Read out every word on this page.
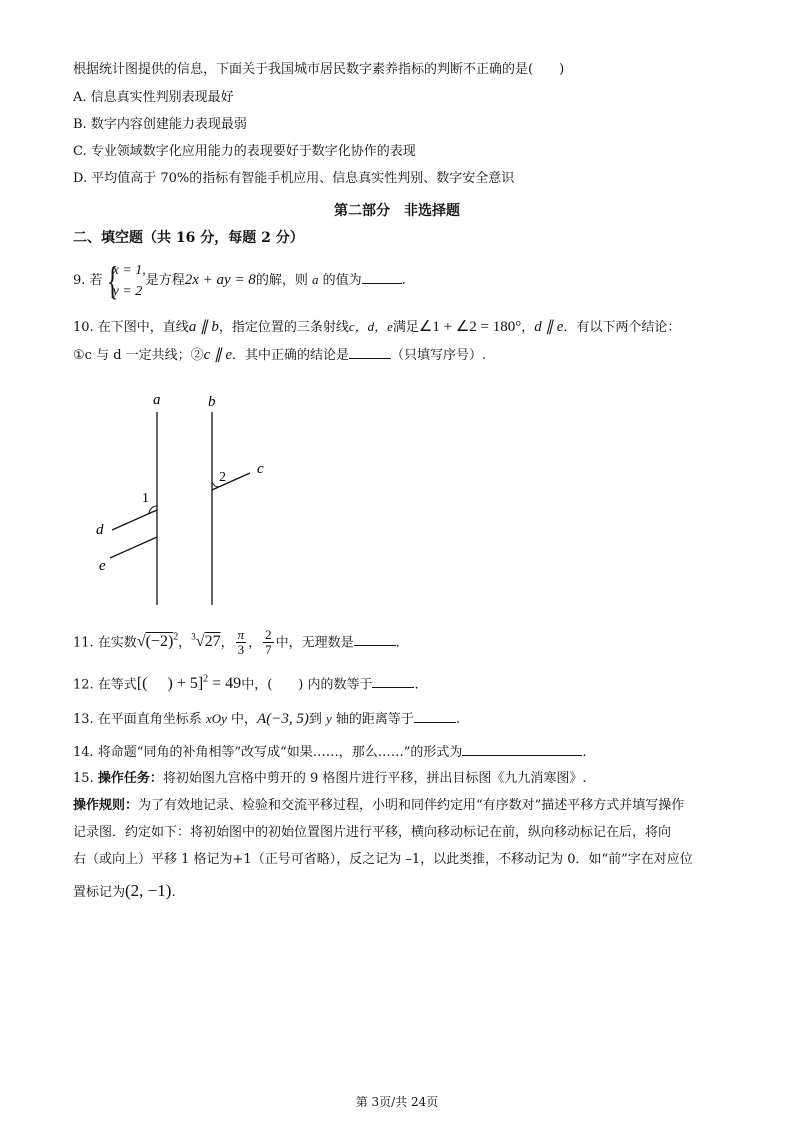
根据统计图提供的信息，下面关于我国城市居民数字素养指标的判断不正确的是(　　)
A. 信息真实性判别表现最好
B. 数字内容创建能力表现最弱
C. 专业领域数字化应用能力的表现要好于数字化协作的表现
D. 平均值高于 70%的指标有智能手机应用、信息真实性判别、数字安全意识
第二部分　非选择题
二、填空题（共 16 分，每题 2 分）
9. 若 {
x = 1,
y = 2
是方程2x + ay = 8的解，则 a 的值为	.
10. 在下图中，直线a ∥ b，指定位置的三条射线c，d，e满足∠1 + ∠2 = 180°，d ∥ e．有以下两个结论：
①c 与 d 一定共线；②c ∥ e．其中正确的结论是	（只填写序号）.
a	b
c
d
e
1
2
11. 在实数$√(-2)^2$，$^3$√27， $\frac{\pi}{3}$ ， $\frac{2}{7}$ 中，无理数是	.
12. 在等式[(　 ) + 5]$^2$ = 49中，(　　) 内的数等于	.
13. 在平面直角坐标系 xOy 中，A(−3, 5)到 y 轴的距离等于	.
14. 将命题“同角的补角相等”改写成“如果……，那么……”的形式为	.
15. 操作任务：将初始图九宫格中剪开的 9 格图片进行平移，拼出目标图《九九消寒图》.
操作规则：为了有效地记录、检验和交流平移过程，小明和同伴约定用“有序数对”描述平移方式并填写操作
记录图．约定如下：将初始图中的初始位置图片进行平移，横向移动标记在前，纵向移动标记在后，将向
右（或向上）平移 1 格记为+1（正号可省略），反之记为 –1，以此类推，不移动记为 0．如“前”字在对应位
置标记为(2, −1).
第 3页/共 24页
